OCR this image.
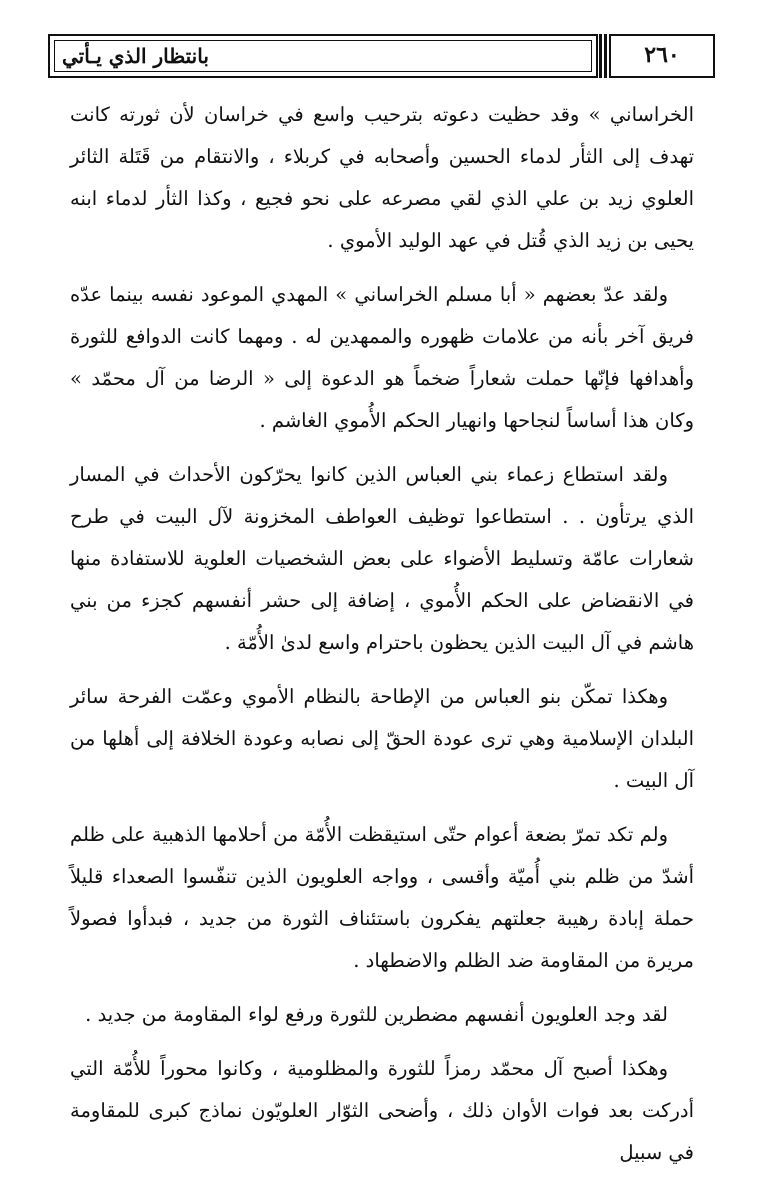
بانتظار الذي يـأتي	٢٦٠

الخراساني » وقد حظيت دعوته بترحيب واسع في خراسان لأن ثورته كانت تهدف إلى الثأر لدماء الحسين وأصحابه في كربلاء ، والانتقام من قَتَلة الثائر العلوي زيد بن علي الذي لقي مصرعه على نحو فجيع ، وكذا الثأر لدماء ابنه يحيى بن زيد الذي قُتل في عهد الوليد الأموي .

ولقد عدّ بعضهم « أبا مسلم الخراساني » المهدي الموعود نفسه بينما عدّه فريق آخر بأنه من علامات ظهوره والممهدين له . ومهما كانت الدوافع للثورة وأهدافها فإنّها حملت شعاراً ضخماً هو الدعوة إلى « الرضا من آل محمّد » وكان هذا أساساً لنجاحها وانهيار الحكم الأُموي الغاشم .

ولقد استطاع زعماء بني العباس الذين كانوا يحرّكون الأحداث في المسار الذي يرتأون . . استطاعوا توظيف العواطف المخزونة لآل البيت في طرح شعارات عامّة وتسليط الأضواء على بعض الشخصيات العلوية للاستفادة منها في الانقضاض على الحكم الأُموي ، إضافة إلى حشر أنفسهم كجزء من بني هاشم في آل البيت الذين يحظون باحترام واسع لدىٰ الأُمّة .

وهكذا تمكّن بنو العباس من الإطاحة بالنظام الأموي وعمّت الفرحة سائر البلدان الإسلامية وهي ترى عودة الحقّ إلى نصابه وعودة الخلافة إلى أهلها من آل البيت .

ولم تكد تمرّ بضعة أعوام حتّى استيقظت الأُمّة من أحلامها الذهبية على ظلم أشدّ من ظلم بني أُميّة وأقسى ، وواجه العلويون الذين تنفّسوا الصعداء قليلاً حملة إبادة رهيبة جعلتهم يفكرون باستئناف الثورة من جديد ، فبدأوا فصولاً مريرة من المقاومة ضد الظلم والاضطهاد .

لقد وجد العلويون أنفسهم مضطرين للثورة ورفع لواء المقاومة من جديد .

وهكذا أصبح آل محمّد رمزاً للثورة والمظلومية ، وكانوا محوراً للأُمّة التي أدركت بعد فوات الأوان ذلك ، وأضحى الثوّار العلويّون نماذج كبرى للمقاومة في سبيل
